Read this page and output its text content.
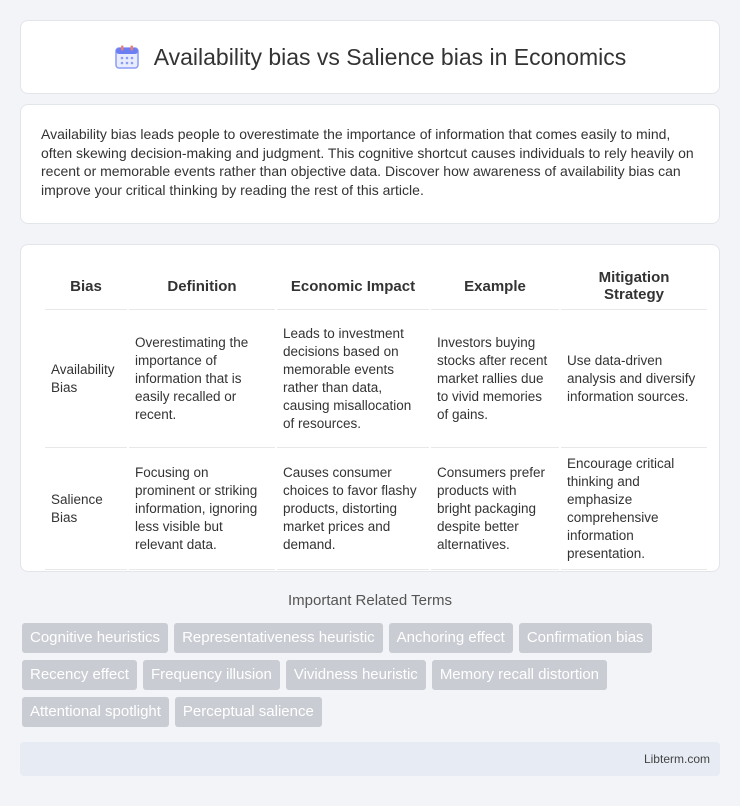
Availability bias vs Salience bias in Economics

Availability bias leads people to overestimate the importance of information that comes easily to mind, often skewing decision-making and judgment. This cognitive shortcut causes individuals to rely heavily on recent or memorable events rather than objective data. Discover how awareness of availability bias can improve your critical thinking by reading the rest of this article.

Bias	Definition	Economic Impact	Example	Mitigation Strategy
Availability Bias	Overestimating the importance of information that is easily recalled or recent.	Leads to investment decisions based on memorable events rather than data, causing misallocation of resources.	Investors buying stocks after recent market rallies due to vivid memories of gains.	Use data-driven analysis and diversify information sources.
Salience Bias	Focusing on prominent or striking information, ignoring less visible but relevant data.	Causes consumer choices to favor flashy products, distorting market prices and demand.	Consumers prefer products with bright packaging despite better alternatives.	Encourage critical thinking and emphasize comprehensive information presentation.
Important Related Terms
Cognitive heuristics	Representativeness heuristic	Anchoring effect	Confirmation bias
Recency effect	Frequency illusion	Vividness heuristic	Memory recall distortion
Attentional spotlight	Perceptual salience
Libterm.com
